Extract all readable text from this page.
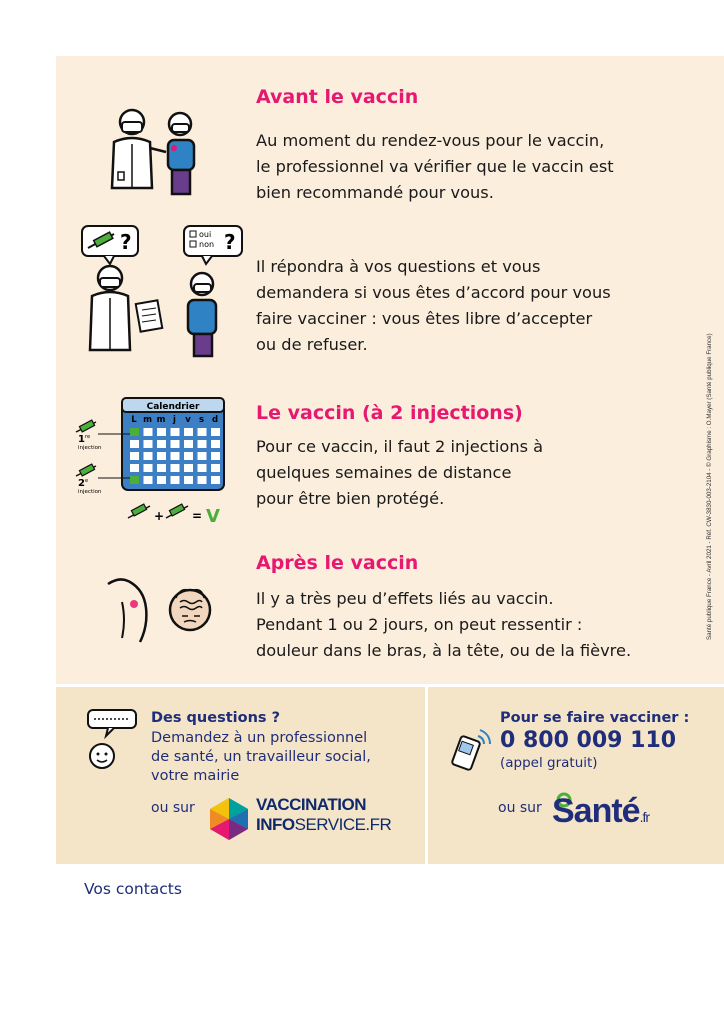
Avant le vaccin
Au moment du rendez-vous pour le vaccin,
le professionnel va vérifier que le vaccin est
bien recommandé pour vous.
Il répondra à vos questions et vous
demandera si vous êtes d’accord pour vous
faire vacciner : vous êtes libre d’accepter
ou de refuser.
?	oui
non ?
Le vaccin (à 2 injections)
Pour ce vaccin, il faut 2 injections à
quelques semaines de distance
pour être bien protégé.
Calendrier
L m m j v s d
1 re
injection
2 e
injection
+ = V
Après le vaccin
Il y a très peu d’effets liés au vaccin.
Pendant 1 ou 2 jours, on peut ressentir :
douleur dans le bras, à la tête, ou de la fièvre.
Santé publique France - Avril 2021 - Réf. CW-3830-003-2104 - © Graphisme : O.Mayer (Santé publique France)

Des questions ?

Demandez à un professionnel
de santé, un travailleur social,
votre mairie
ou sur	VACCINATION
INFOSERVICE.FR

Pour se faire vacciner :

0 800 009 110

(appel gratuit)

ou sur Santé.fr

Vos contacts
